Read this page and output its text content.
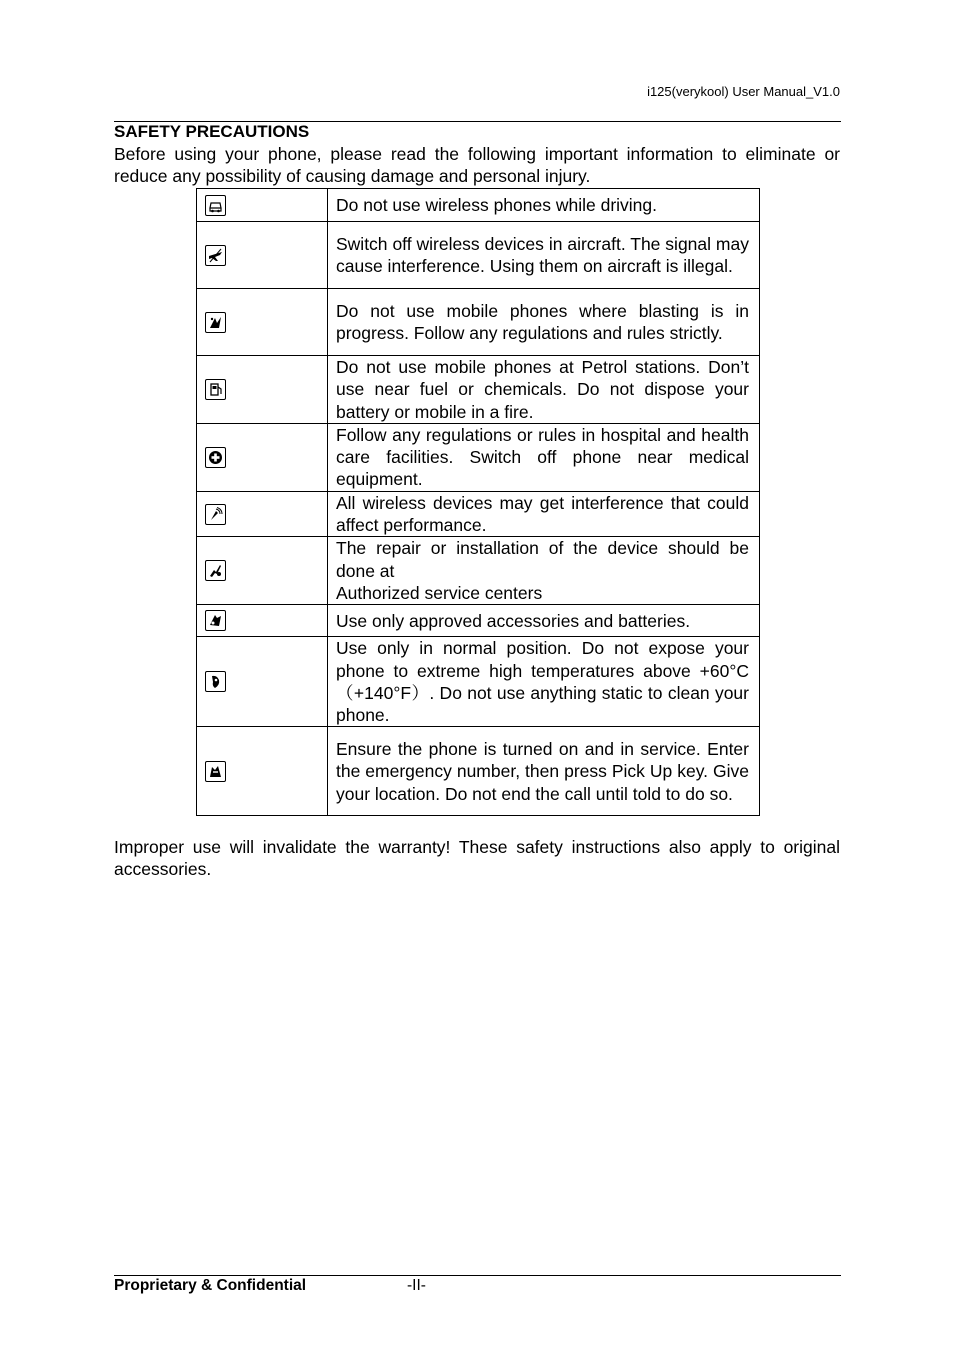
i125(verykool) User Manual_V1.0
SAFETY PRECAUTIONS
Before using your phone, please read the following important information to eliminate or reduce any possibility of causing damage and personal injury.
	Do not use wireless phones while driving.

	Switch off wireless devices in aircraft. The signal may cause interference. Using them on aircraft is illegal.

	Do not use mobile phones where blasting is in progress. Follow any regulations and rules strictly.

	Do not use mobile phones at Petrol stations. Don’t use near fuel or chemicals. Do not dispose your battery or mobile in a fire.

	Follow any regulations or rules in hospital and health care facilities. Switch off phone near medical equipment.

	All wireless devices may get interference that could affect performance.

	The repair or installation of the device should be done at
Authorized service centers

	Use only approved accessories and batteries.

	Use only in normal position. Do not expose your phone to extreme high temperatures above +60°C（+140°F）. Do not use anything static to clean your phone.

	Ensure the phone is turned on and in service. Enter the emergency number, then press Pick Up key. Give your location. Do not end the call until told to do so.
Improper use will invalidate the warranty! These safety instructions also apply to original accessories.
Proprietary & Confidential	-II-
